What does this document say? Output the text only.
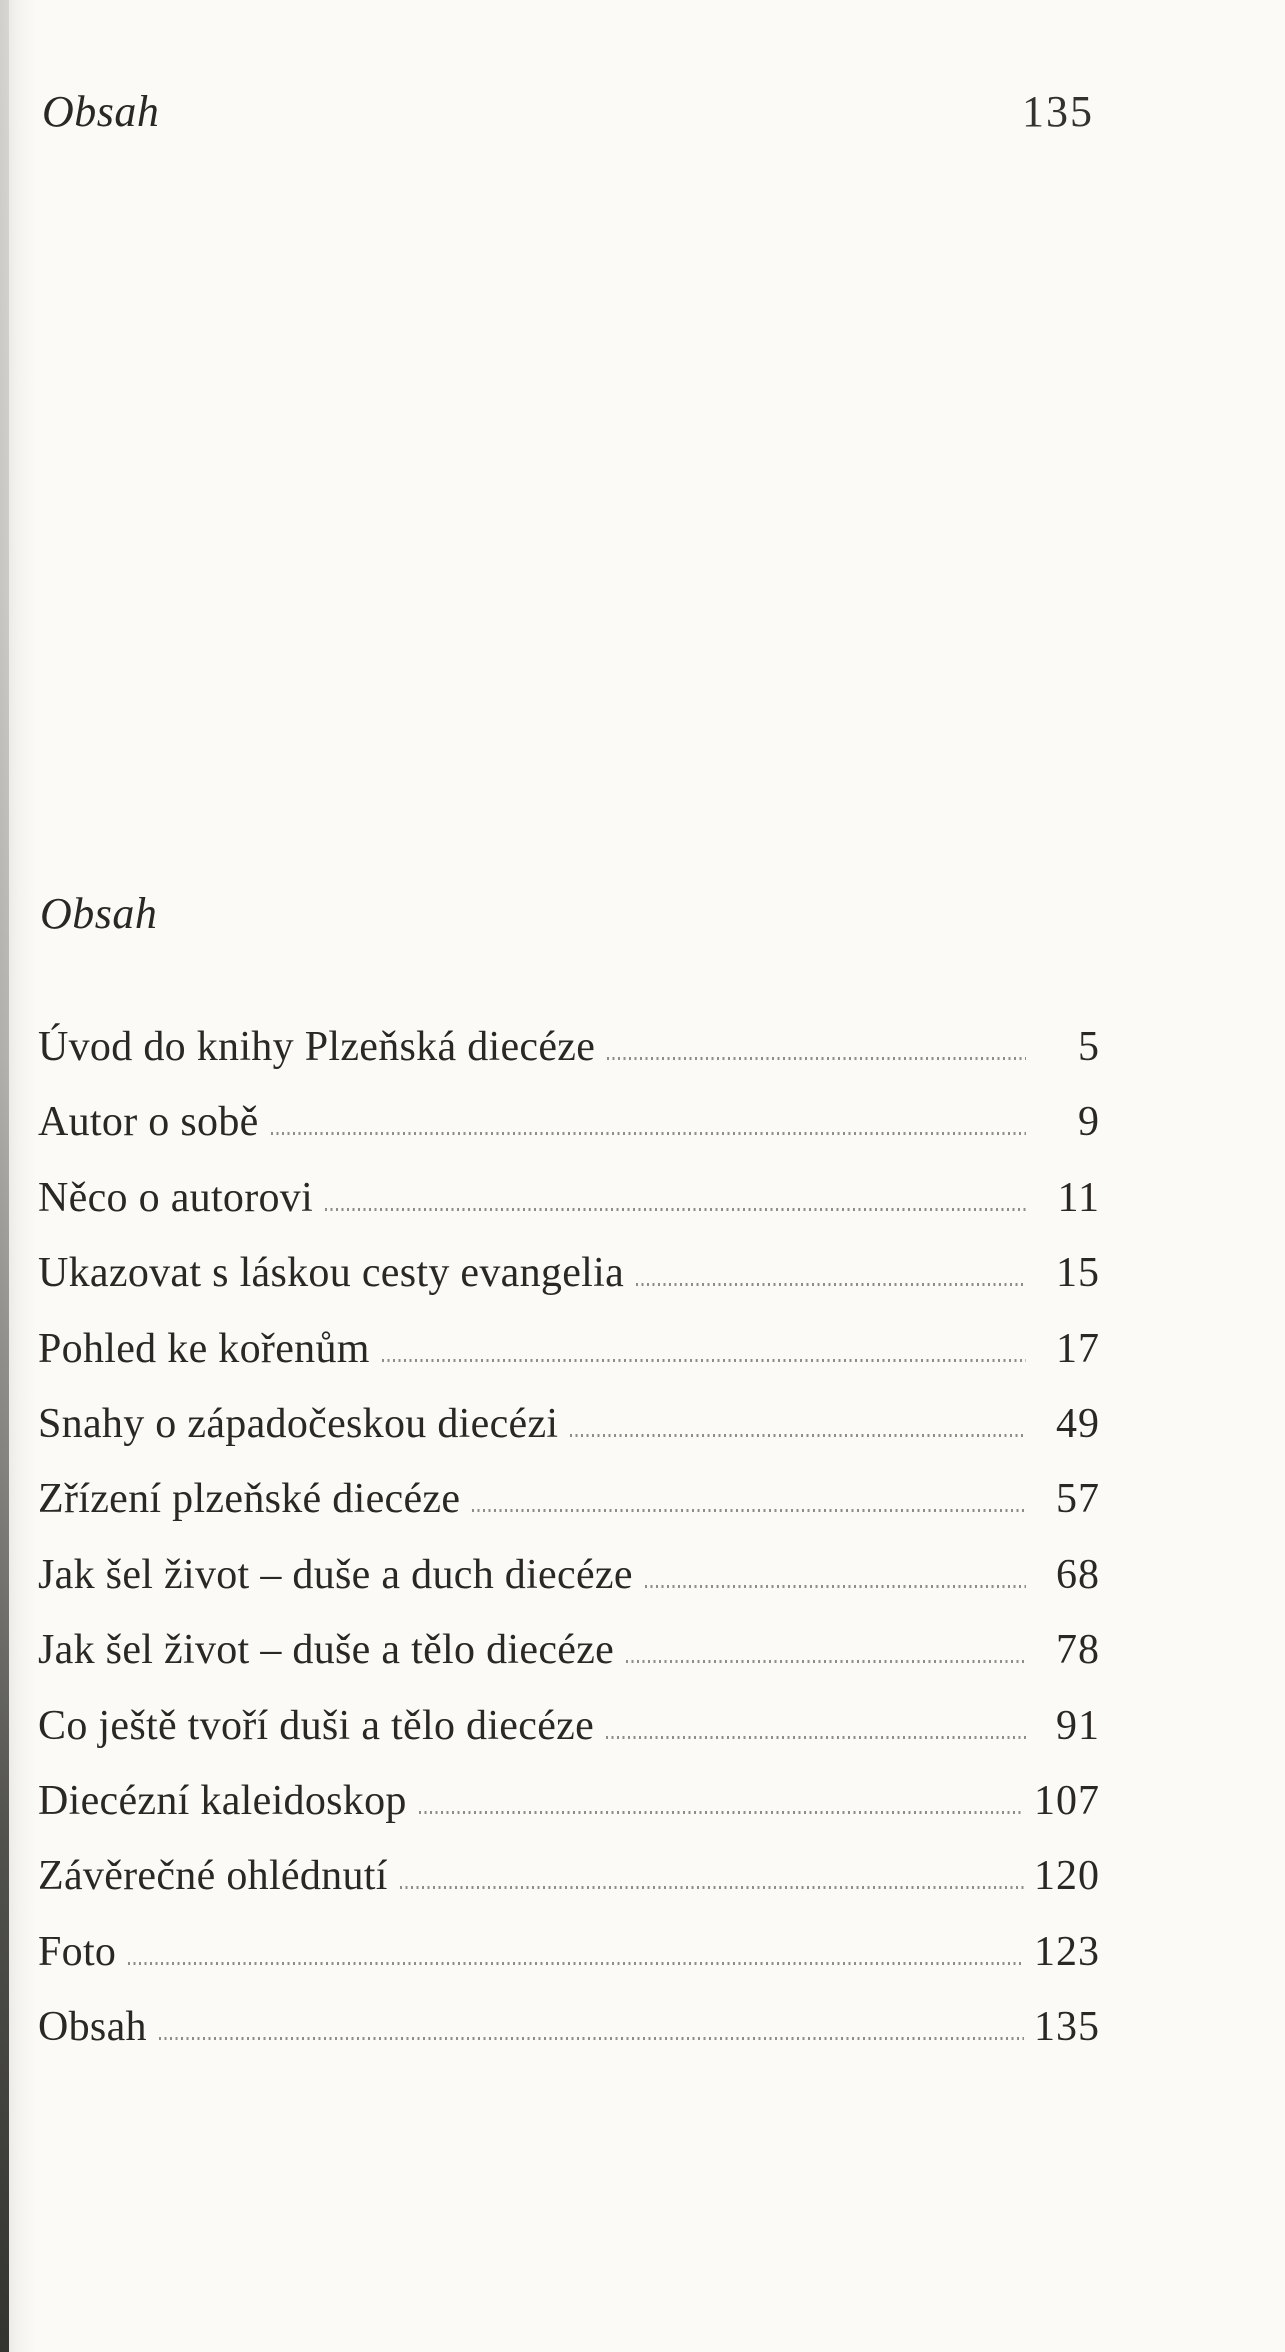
Obsah	135
Obsah
Úvod do knihy Plzeňská diecéze	5
Autor o sobě	9
Něco o autorovi	11
Ukazovat s láskou cesty evangelia	15
Pohled ke kořenům	17
Snahy o západočeskou diecézi	49
Zřízení plzeňské diecéze	57
Jak šel život – duše a duch diecéze	68
Jak šel život – duše a tělo diecéze	78
Co ještě tvoří duši a tělo diecéze	91
Diecézní kaleidoskop	107
Závěrečné ohlédnutí	120
Foto	123
Obsah	135
